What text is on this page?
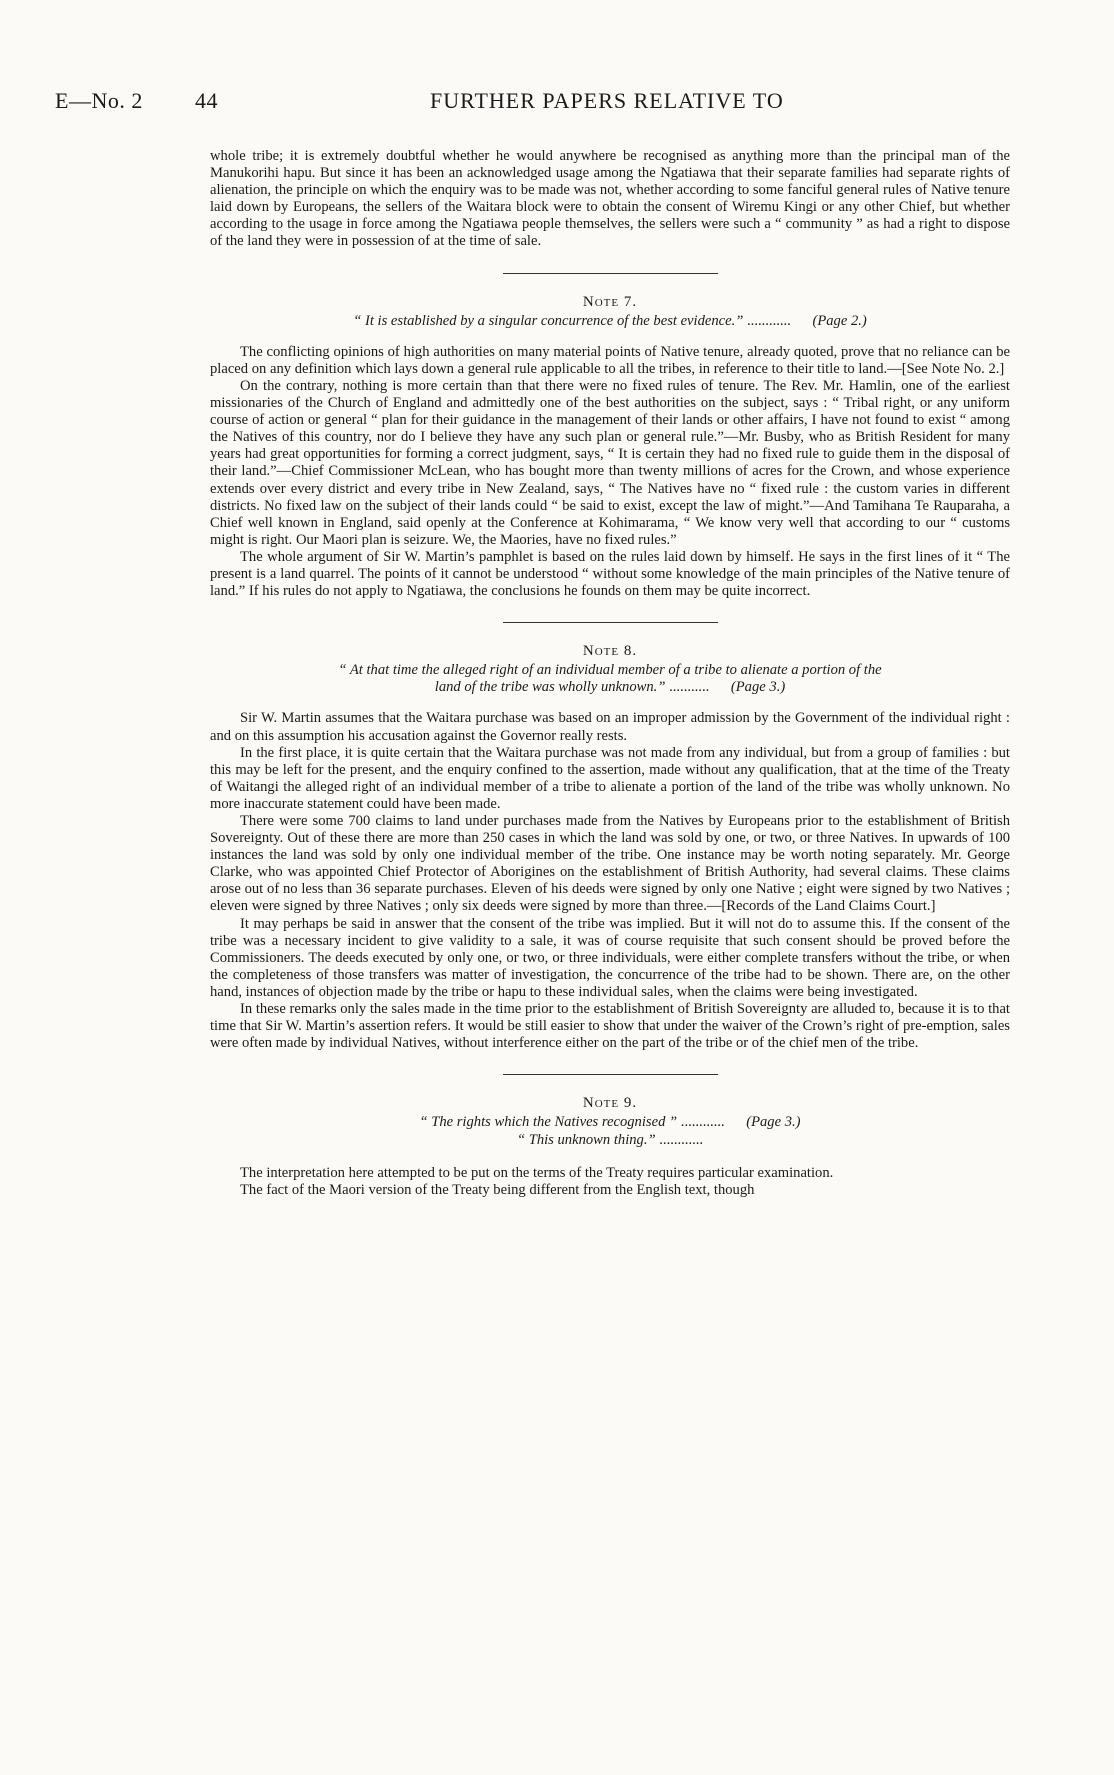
E—No. 2 44	FURTHER PAPERS RELATIVE TO

whole tribe; it is extremely doubtful whether he would anywhere be recognised as anything more than the principal man of the Manukorihi hapu. But since it has been an acknowledged usage among the Ngatiawa that their separate families had separate rights of alienation, the principle on which the enquiry was to be made was not, whether according to some fanciful general rules of Native tenure laid down by Europeans, the sellers of the Waitara block were to obtain the consent of Wiremu Kingi or any other Chief, but whether according to the usage in force among the Ngatiawa people themselves, the sellers were such a “ community ” as had a right to dispose of the land they were in possession of at the time of sale.

Note 7.
“ It is established by a singular concurrence of the best evidence.” ............ (Page 2.)

The conflicting opinions of high authorities on many material points of Native tenure, already quoted, prove that no reliance can be placed on any definition which lays down a general rule applicable to all the tribes, in reference to their title to land.—[See Note No. 2.]

On the contrary, nothing is more certain than that there were no fixed rules of tenure. The Rev. Mr. Hamlin, one of the earliest missionaries of the Church of England and admittedly one of the best authorities on the subject, says : “ Tribal right, or any uniform course of action or general “ plan for their guidance in the management of their lands or other affairs, I have not found to exist “ among the Natives of this country, nor do I believe they have any such plan or general rule.”—Mr. Busby, who as British Resident for many years had great opportunities for forming a correct judgment, says, “ It is certain they had no fixed rule to guide them in the disposal of their land.”—Chief Commissioner McLean, who has bought more than twenty millions of acres for the Crown, and whose experience extends over every district and every tribe in New Zealand, says, “ The Natives have no “ fixed rule : the custom varies in different districts. No fixed law on the subject of their lands could “ be said to exist, except the law of might.”—And Tamihana Te Rauparaha, a Chief well known in England, said openly at the Conference at Kohimarama, “ We know very well that according to our “ customs might is right. Our Maori plan is seizure. We, the Maories, have no fixed rules.”

The whole argument of Sir W. Martin’s pamphlet is based on the rules laid down by himself. He says in the first lines of it “ The present is a land quarrel. The points of it cannot be understood “ without some knowledge of the main principles of the Native tenure of land.” If his rules do not apply to Ngatiawa, the conclusions he founds on them may be quite incorrect.

Note 8.
“ At that time the alleged right of an individual member of a tribe to alienate a portion of the
land of the tribe was wholly unknown.” ........... (Page 3.)

Sir W. Martin assumes that the Waitara purchase was based on an improper admission by the Government of the individual right : and on this assumption his accusation against the Governor really rests.

In the first place, it is quite certain that the Waitara purchase was not made from any individual, but from a group of families : but this may be left for the present, and the enquiry confined to the assertion, made without any qualification, that at the time of the Treaty of Waitangi the alleged right of an individual member of a tribe to alienate a portion of the land of the tribe was wholly unknown. No more inaccurate statement could have been made.

There were some 700 claims to land under purchases made from the Natives by Europeans prior to the establishment of British Sovereignty. Out of these there are more than 250 cases in which the land was sold by one, or two, or three Natives. In upwards of 100 instances the land was sold by only one individual member of the tribe. One instance may be worth noting separately. Mr. George Clarke, who was appointed Chief Protector of Aborigines on the establishment of British Authority, had several claims. These claims arose out of no less than 36 separate purchases. Eleven of his deeds were signed by only one Native ; eight were signed by two Natives ; eleven were signed by three Natives ; only six deeds were signed by more than three.—[Records of the Land Claims Court.]

It may perhaps be said in answer that the consent of the tribe was implied. But it will not do to assume this. If the consent of the tribe was a necessary incident to give validity to a sale, it was of course requisite that such consent should be proved before the Commissioners. The deeds executed by only one, or two, or three individuals, were either complete transfers without the tribe, or when the completeness of those transfers was matter of investigation, the concurrence of the tribe had to be shown. There are, on the other hand, instances of objection made by the tribe or hapu to these individual sales, when the claims were being investigated.

In these remarks only the sales made in the time prior to the establishment of British Sovereignty are alluded to, because it is to that time that Sir W. Martin’s assertion refers. It would be still easier to show that under the waiver of the Crown’s right of pre-emption, sales were often made by individual Natives, without interference either on the part of the tribe or of the chief men of the tribe.

Note 9.
“ The rights which the Natives recognised ” ............ (Page 3.)
“ This unknown thing.” ............

The interpretation here attempted to be put on the terms of the Treaty requires particular examination.

The fact of the Maori version of the Treaty being different from the English text, though
